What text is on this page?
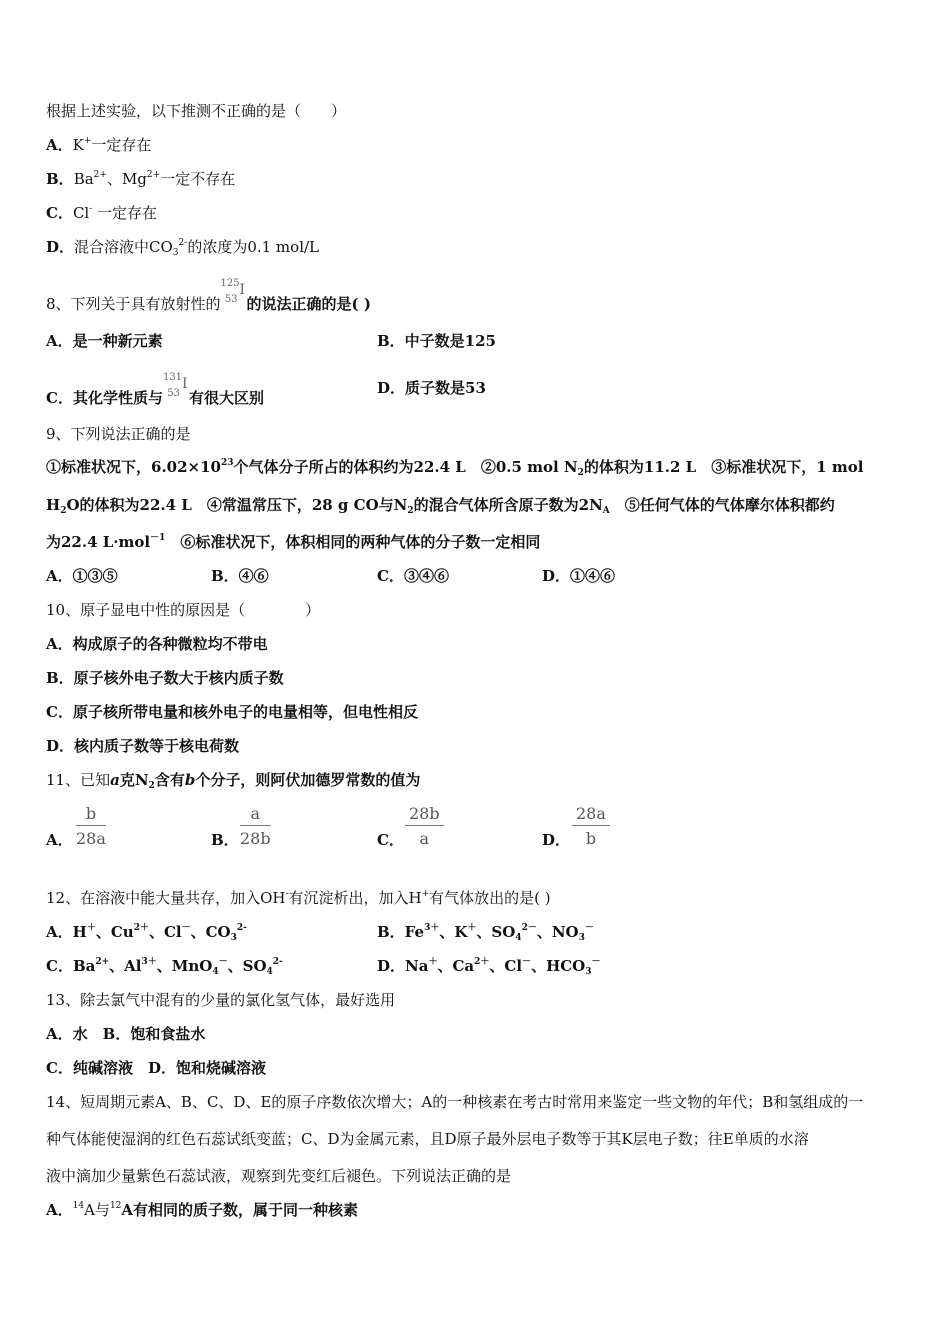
根据上述实验，以下推测不正确的是（　　）
A．K+一定存在
B．$Ba^{2+}$、$Mg^{2+}$一定不存在
C．Cl- 一定存在
D．混合溶液中$CO_3^{2-}$的浓度为0.1 mol/L
8、下列关于具有放射性的
125
53
I
的说法正确的是( )
A．是一种新元素	B．中子数是125
C．其化学性质与
131
53
I
有很大区别
D．质子数是53
9、下列说法正确的是
①标准状况下，$6.02\times 10^{23}$个气体分子所占的体积约为22.4 L　②0.5 mol $N_2$的体积为11.2 L　③标准状况下，1 mol
$H_2O$的体积为22.4 L　④常温常压下，28 g CO与$N_2$的混合气体所含原子数为$2N_A$　⑤任何气体的气体摩尔体积都约
为22.4 L·mol$^{-1}$　⑥标准状况下，体积相同的两种气体的分子数一定相同
A．①③⑤	B．④⑥	C．③④⑥	D．①④⑥
10、原子显电中性的原因是（　　　　）
A．构成原子的各种微粒均不带电
B．原子核外电子数大于核内质子数
C．原子核所带电量和核外电子的电量相等，但电性相反
D．核内质子数等于核电荷数
11、已知a克$N_2$含有b个分子，则阿伏加德罗常数的值为
A． $\frac{b}{28a}$	B． $\frac{a}{28b}$	C． $\frac{28b}{a}$	D． $\frac{28a}{b}$
12、在溶液中能大量共存，加入OH-有沉淀析出，加入H+有气体放出的是( )
A．H＋、$Cu^{2+}$、Cl－、$CO_3^{2-}$	B．$Fe^{3+}$、K＋、$SO_4^{2-}$、$NO_3^-$
C．$Ba^{2+}$、$Al^{3+}$、MnO$_4$－、$SO_4^{2-}$	D．Na＋、$Ca^{2+}$、Cl－、$HCO_3^-$
13、除去氯气中混有的少量的氯化氢气体，最好选用
A．水　B．饱和食盐水
C．纯碱溶液　D．饱和烧碱溶液
14、短周期元素A、B、C、D、E的原子序数依次增大；A的一种核素在考古时常用来鉴定一些文物的年代；B和氢组成的一
种气体能使湿润的红色石蕊试纸变蓝；C、D为金属元素，且D原子最外层电子数等于其K层电子数；往E单质的水溶
液中滴加少量紫色石蕊试液，观察到先变红后褪色。下列说法正确的是
A．$^{14}$A与$^{12}$A有相同的质子数，属于同一种核素
